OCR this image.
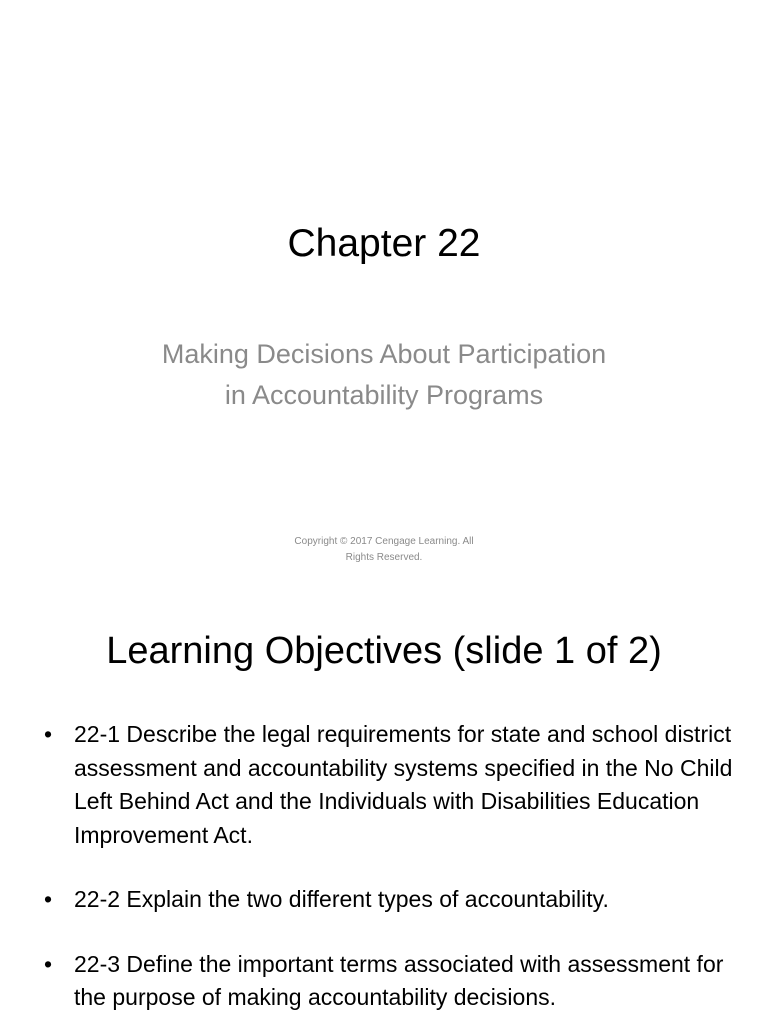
Chapter 22
Making Decisions About Participation
in Accountability Programs
Copyright © 2017 Cengage Learning. All
Rights Reserved.
Learning Objectives (slide 1 of 2)
• 22-1 Describe the legal requirements for state and school district assessment and accountability systems specified in the No Child Left Behind Act and the Individuals with Disabilities Education Improvement Act.
• 22-2 Explain the two different types of accountability.
• 22-3 Define the important terms associated with assessment for the purpose of making accountability decisions.
